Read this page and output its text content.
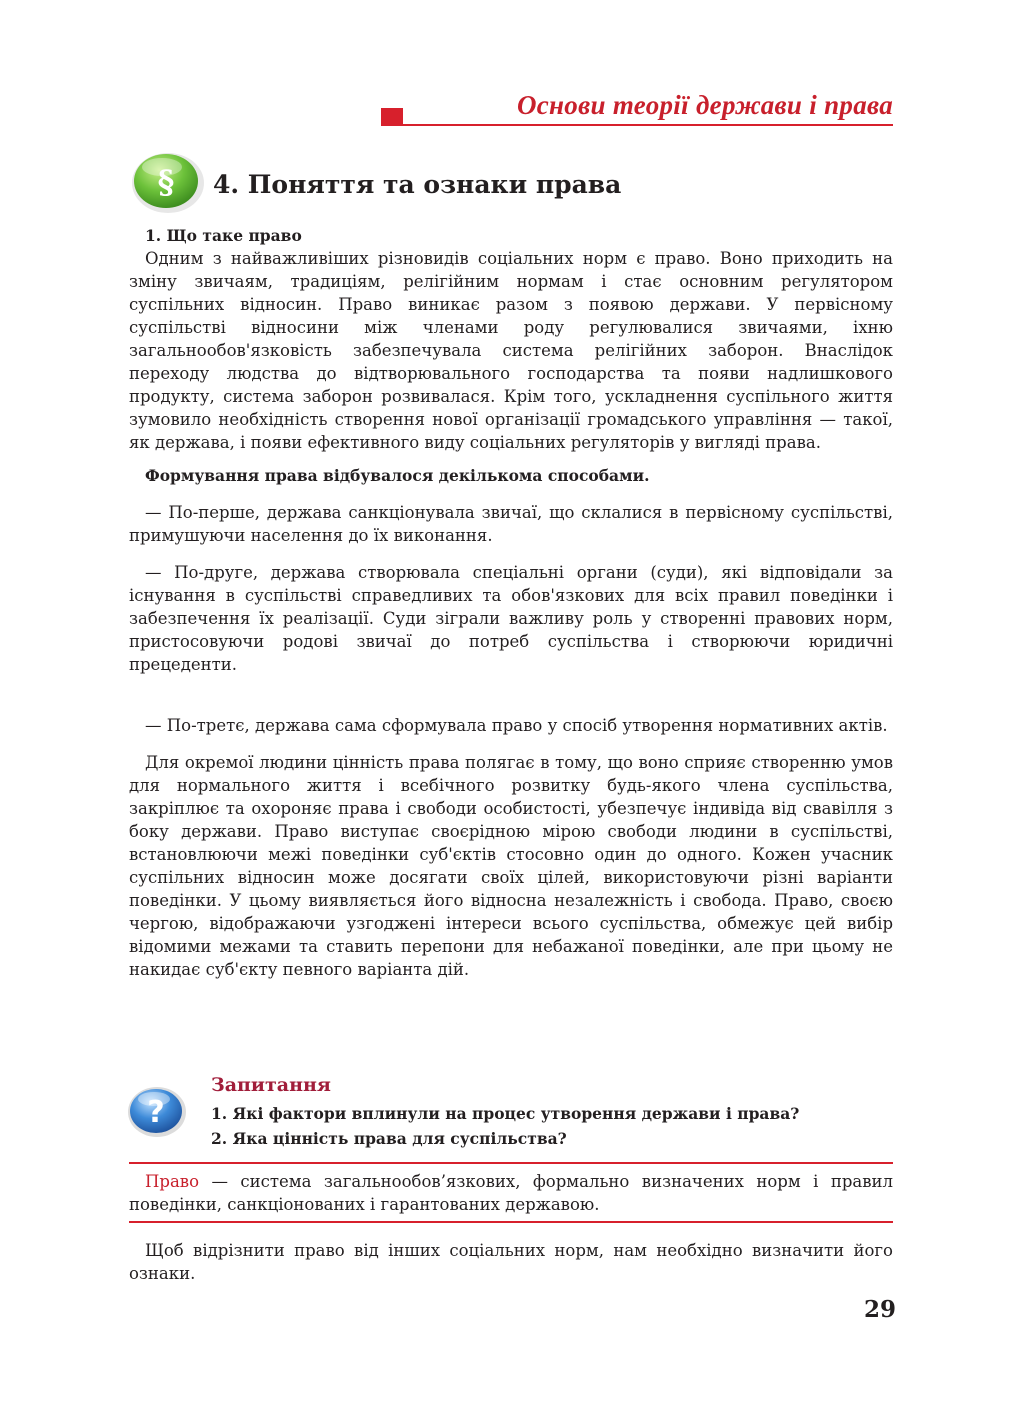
Основи теорії держави і права
§ 4. Поняття та ознаки права

1. Що таке право

Одним з найважливіших різновидів соціальних норм є право. Воно приходить на зміну звичаям, традиціям, релігійним нормам і стає основним регулятором суспільних відносин. Право виникає разом з появою держави. У первісному суспільстві відносини між членами роду регулювалися звичаями, іхню загальнообов'язковість забезпечувала система релігійних заборон. Внаслідок переходу людства до відтворювального господарства та появи надлишкового продукту, система заборон розвивалася. Крім того, ускладнення суспільного життя зумовило необхідність створення нової організації громадського управління — такої, як держава, і появи ефективного виду соціальних регуляторів у вигляді права.

Формування права відбувалося декількома способами.

— По-перше, держава санкціонувала звичаї, що склалися в первісному суспільстві, примушуючи населення до їх виконання.

— По-друге, держава створювала спеціальні органи (суди), які відповідали за існування в суспільстві справедливих та обов'язкових для всіх правил поведінки і забезпечення їх реалізації. Суди зіграли важливу роль у створенні правових норм, пристосовуючи родові звичаї до потреб суспільства і створюючи юридичні прецеденти.

— По-третє, держава сама сформувала право у спосіб утворення нормативних актів.

Для окремої людини цінність права полягає в тому, що воно сприяє створенню умов для нормального життя і всебічного розвитку будь-якого члена суспільства, закріплює та охороняє права і свободи особистості, убезпечує індивіда від свавілля з боку держави. Право виступає своєрідною мірою свободи людини в суспільстві, встановлюючи межі поведінки суб'єктів стосовно один до одного. Кожен учасник суспільних відносин може досягати своїх цілей, використовуючи різні варіанти поведінки. У цьому виявляється його відносна незалежність і свобода. Право, своєю чергою, відображаючи узгоджені інтереси всього суспільства, обмежує цей вибір відомими межами та ставить перепони для небажаної поведінки, але при цьому не накидає суб'єкту певного варіанта дій.

?

Запитання

1. Які фактори вплинули на процес утворення держави і права?
2. Яка цінність права для суспільства?

Право — система загальнообов’язкових, формально визначених норм і правил поведінки, санкціонованих і гарантованих державою.

Щоб відрізнити право від інших соціальних норм, нам необхідно визначити його ознаки.

29
